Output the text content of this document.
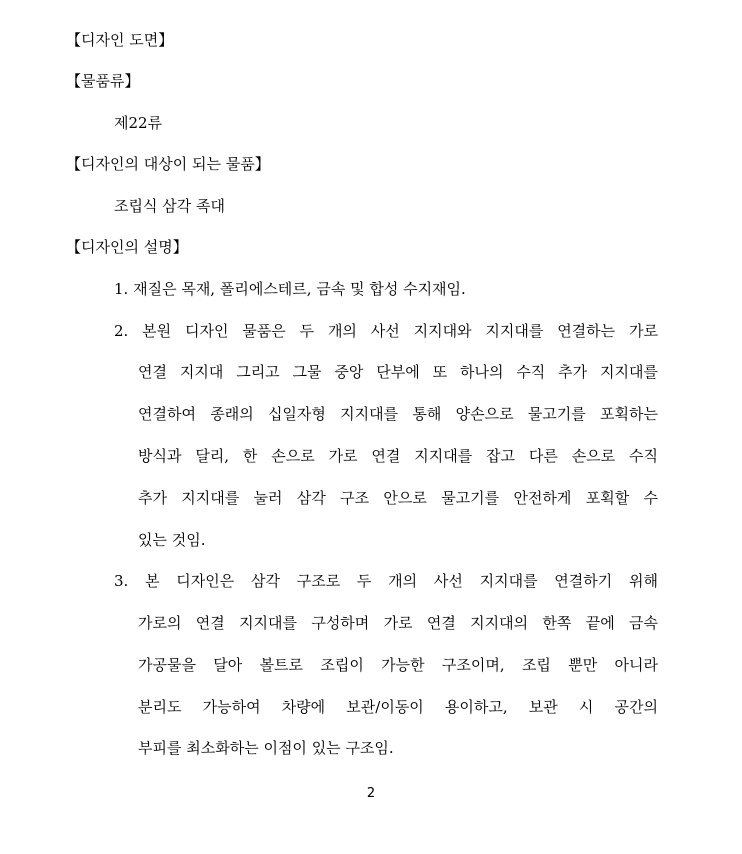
【디자인 도면】
【물품류】
제22류
【디자인의 대상이 되는 물품】
조립식 삼각 족대
【디자인의 설명】
1. 재질은 목재, 폴리에스테르, 금속 및 합성 수지재임.
2. 본원 디자인 물품은 두 개의 사선 지지대와 지지대를 연결하는 가로
연결 지지대 그리고 그물 중앙 단부에 또 하나의 수직 추가 지지대를
연결하여 종래의 십일자형 지지대를 통해 양손으로 물고기를 포획하는
방식과 달리, 한 손으로 가로 연결 지지대를 잡고 다른 손으로 수직
추가 지지대를 눌러 삼각 구조 안으로 물고기를 안전하게 포획할 수
있는 것임.
3. 본 디자인은 삼각 구조로 두 개의 사선 지지대를 연결하기 위해
가로의 연결 지지대를 구성하며 가로 연결 지지대의 한쪽 끝에 금속
가공물을 달아 볼트로 조립이 가능한 구조이며, 조립 뿐만 아니라
분리도 가능하여 차량에 보관/이동이 용이하고, 보관 시 공간의
부피를 최소화하는 이점이 있는 구조임.
2
